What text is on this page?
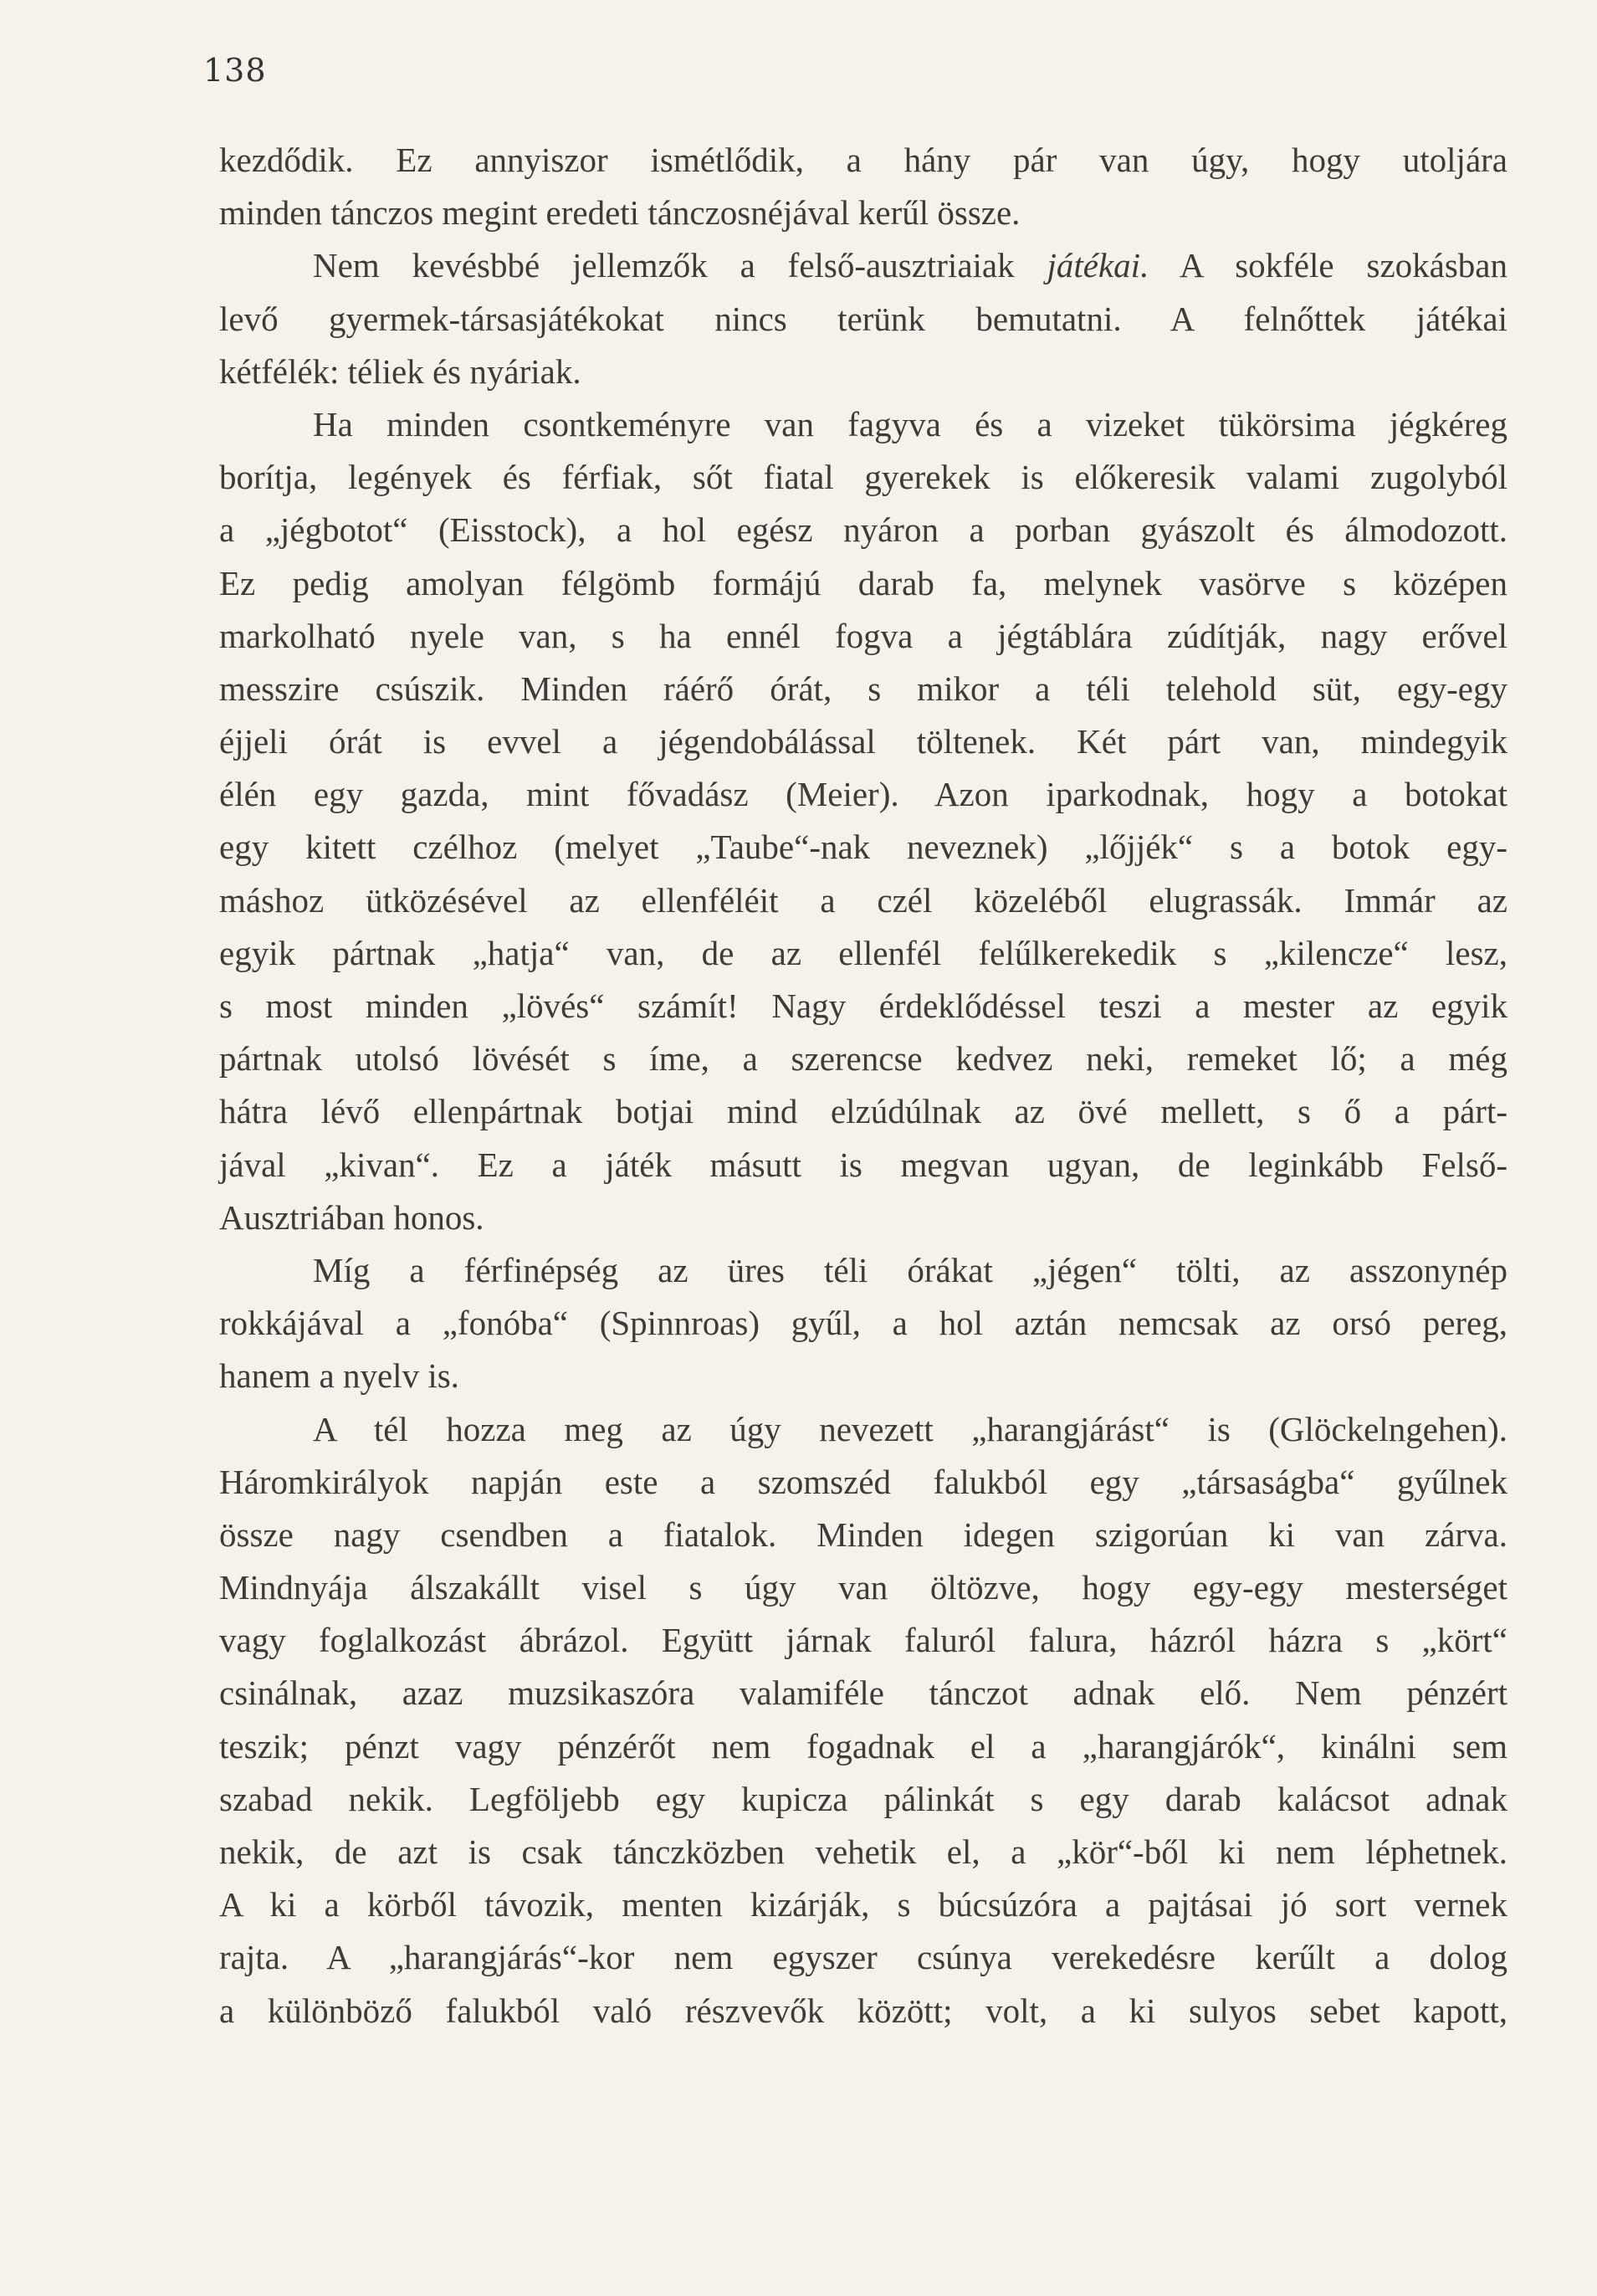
138
kezdődik. Ez annyiszor ismétlődik, a hány pár van úgy, hogy utoljára
minden tánczos megint eredeti tánczosnéjával kerűl össze.
Nem kevésbbé jellemzők a felső-ausztriaiak játékai. A sokféle szokásban
levő gyermek-társasjátékokat nincs terünk bemutatni. A felnőttek játékai
kétfélék: téliek és nyáriak.
Ha minden csontkeményre van fagyva és a vizeket tükörsima jégkéreg
borítja, legények és férfiak, sőt fiatal gyerekek is előkeresik valami zugolyból
a „jégbotot“ (Eisstock), a hol egész nyáron a porban gyászolt és álmodozott.
Ez pedig amolyan félgömb formájú darab fa, melynek vasörve s középen
markolható nyele van, s ha ennél fogva a jégtáblára zúdítják, nagy erővel
messzire csúszik. Minden ráérő órát, s mikor a téli telehold süt, egy-egy
éjjeli órát is evvel a jégendobálással töltenek. Két párt van, mindegyik
élén egy gazda, mint fővadász (Meier). Azon iparkodnak, hogy a botokat
egy kitett czélhoz (melyet „Taube“-nak neveznek) „lőjjék“ s a botok egy-
máshoz ütközésével az ellenféléit a czél közeléből elugrassák. Immár az
egyik pártnak „hatja“ van, de az ellenfél felűlkerekedik s „kilencze“ lesz,
s most minden „lövés“ számít! Nagy érdeklődéssel teszi a mester az egyik
pártnak utolsó lövését s íme, a szerencse kedvez neki, remeket lő; a még
hátra lévő ellenpártnak botjai mind elzúdúlnak az övé mellett, s ő a párt-
jával „kivan“. Ez a játék másutt is megvan ugyan, de leginkább Felső-
Ausztriában honos.
Míg a férfinépség az üres téli órákat „jégen“ tölti, az asszonynép
rokkájával a „fonóba“ (Spinnroas) gyűl, a hol aztán nemcsak az orsó pereg,
hanem a nyelv is.
A tél hozza meg az úgy nevezett „harangjárást“ is (Glöckelngehen).
Háromkirályok napján este a szomszéd falukból egy „társaságba“ gyűlnek
össze nagy csendben a fiatalok. Minden idegen szigorúan ki van zárva.
Mindnyája álszakállt visel s úgy van öltözve, hogy egy-egy mesterséget
vagy foglalkozást ábrázol. Együtt járnak faluról falura, házról házra s „kört“
csinálnak, azaz muzsikaszóra valamiféle tánczot adnak elő. Nem pénzért
teszik; pénzt vagy pénzérőt nem fogadnak el a „harangjárók“, kinálni sem
szabad nekik. Legföljebb egy kupicza pálinkát s egy darab kalácsot adnak
nekik, de azt is csak tánczközben vehetik el, a „kör“-ből ki nem léphetnek.
A ki a körből távozik, menten kizárják, s búcsúzóra a pajtásai jó sort vernek
rajta. A „harangjárás“-kor nem egyszer csúnya verekedésre kerűlt a dolog
a különböző falukból való részvevők között; volt, a ki sulyos sebet kapott,
